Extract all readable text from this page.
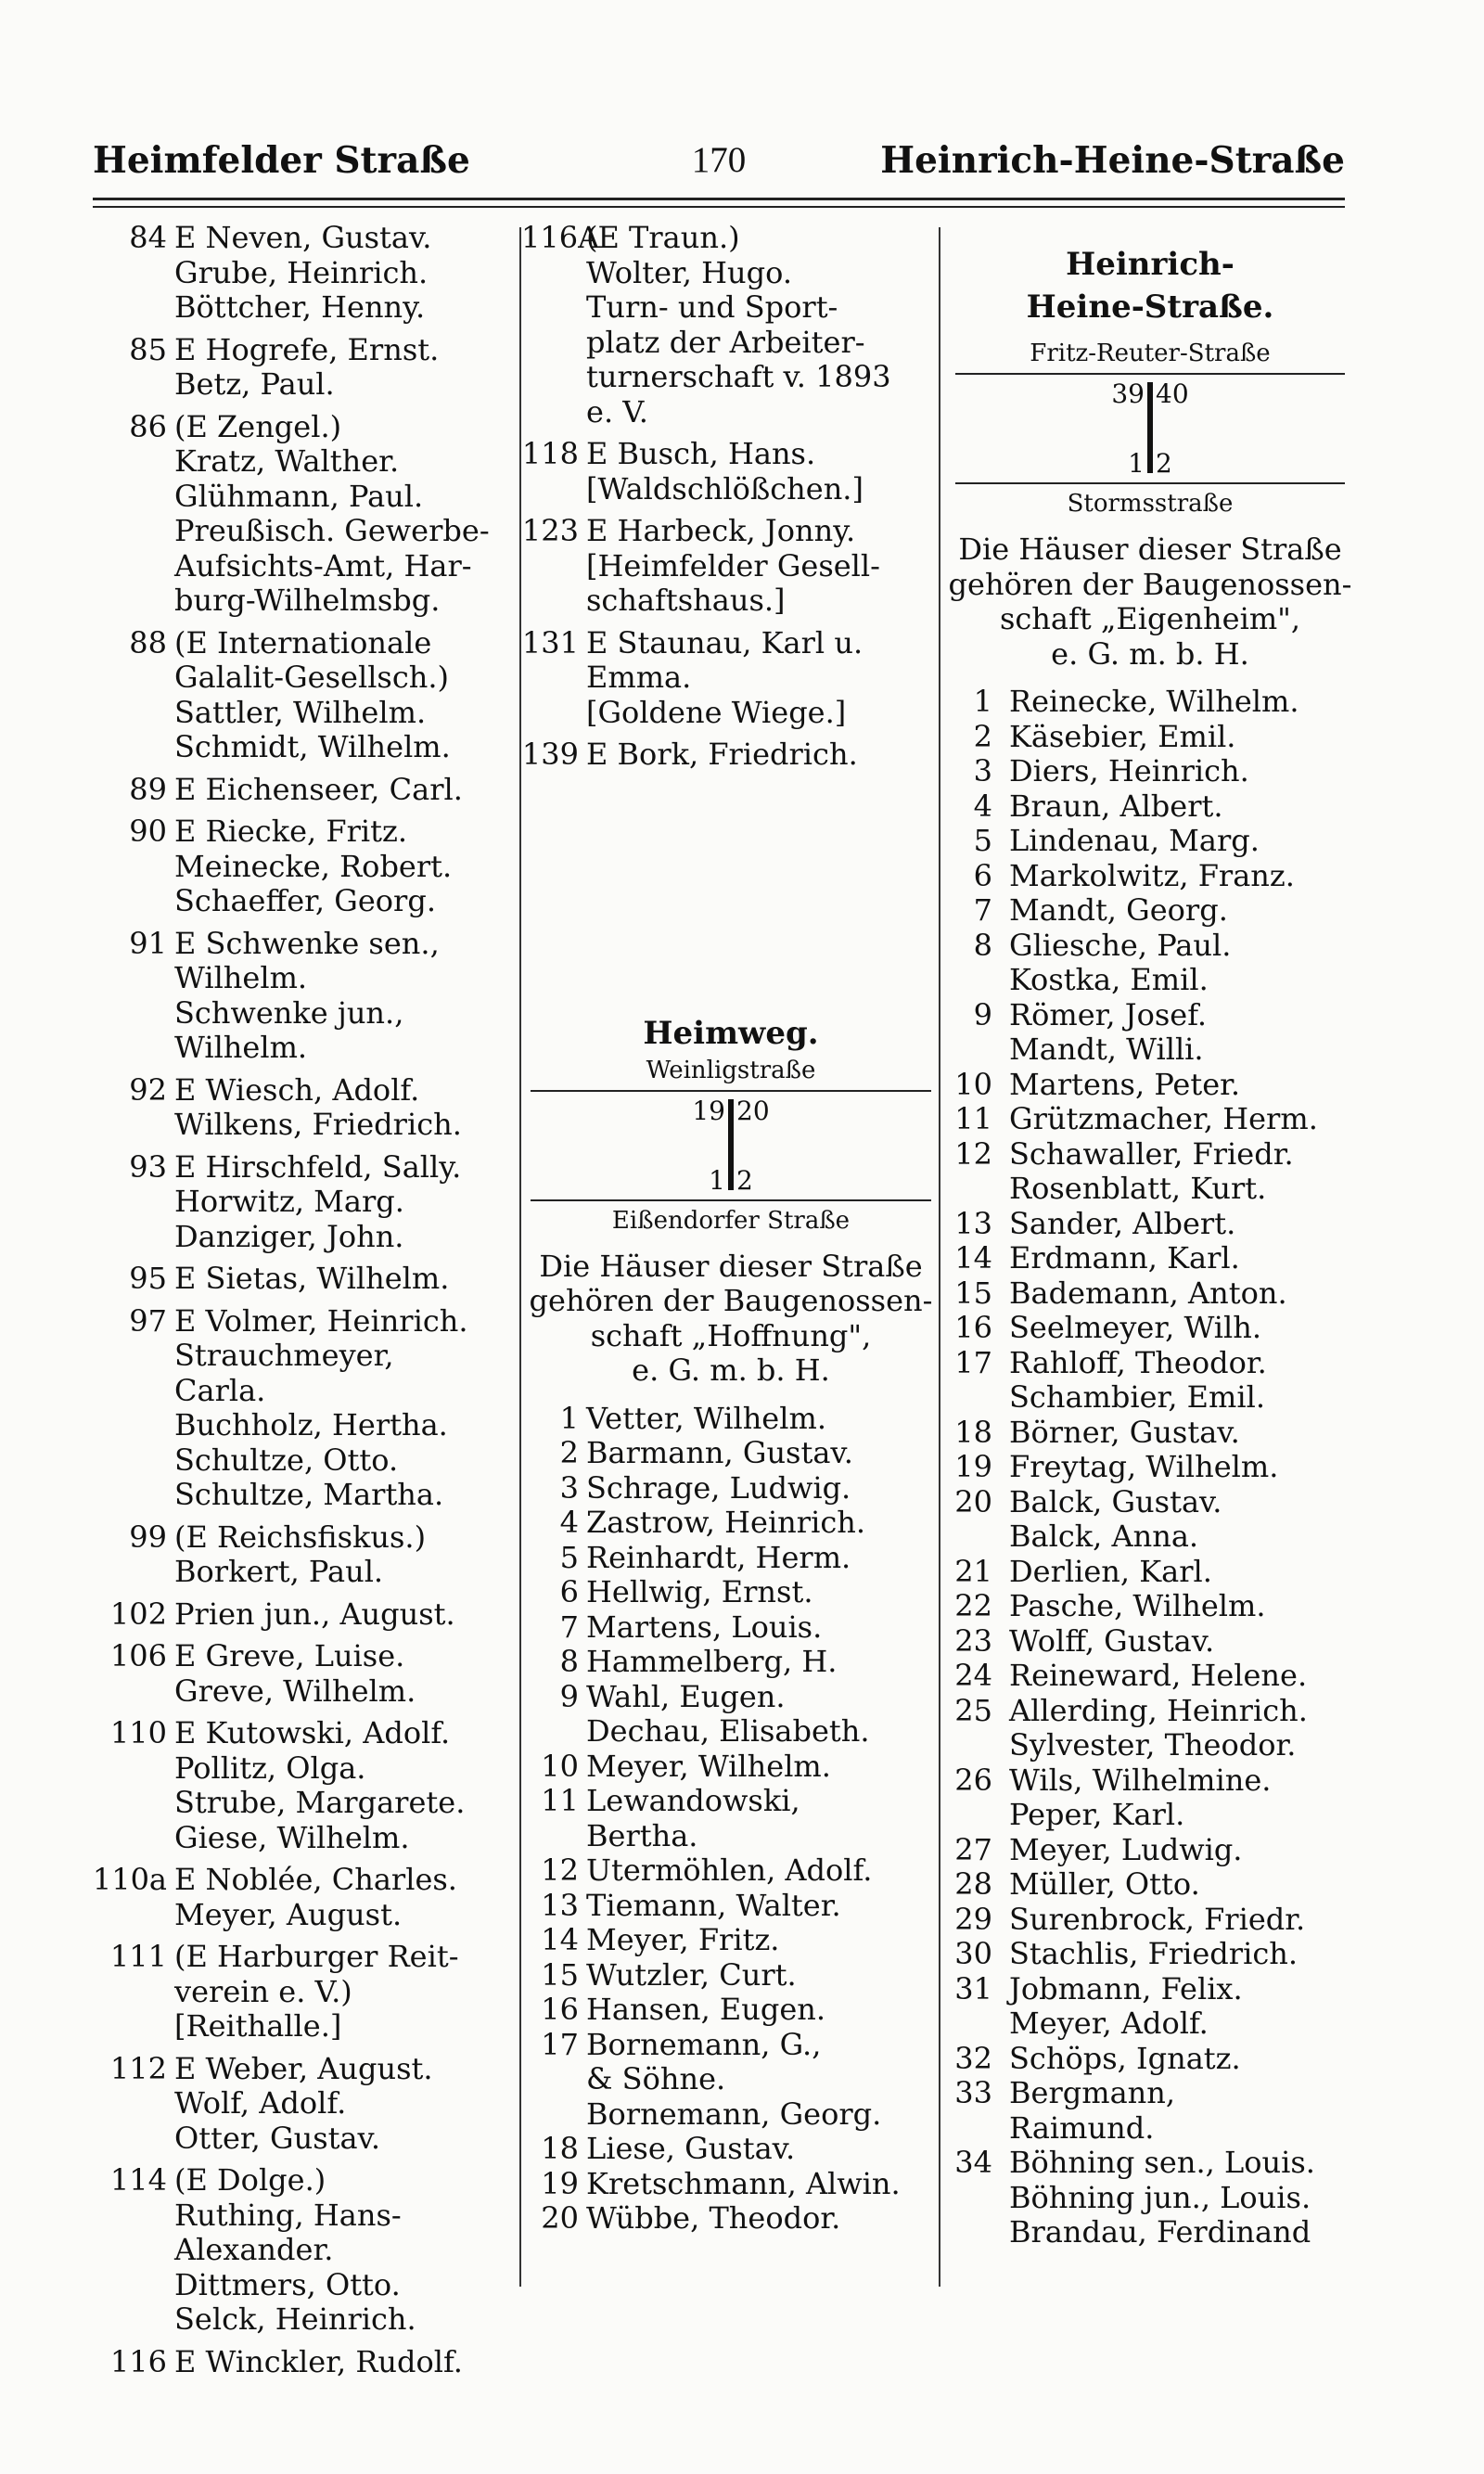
170
Heimfelder Straße	Heinrich-Heine-Straße
84 E Neven, Gustav.
Grube, Heinrich.
Böttcher, Henny.
85 E Hogrefe, Ernst.
Betz, Paul.
86 (E Zengel.)
Kratz, Walther.
Glühmann, Paul.
Preußisch. Gewerbe-
Aufsichts-Amt, Har-
burg-Wilhelmsbg.
88 (E Internationale
Galalit-Gesellsch.)
Sattler, Wilhelm.
Schmidt, Wilhelm.
89 E Eichenseer, Carl.
90 E Riecke, Fritz.
Meinecke, Robert.
Schaeffer, Georg.
91 E Schwenke sen.,
Wilhelm.
Schwenke jun.,
Wilhelm.
92 E Wiesch, Adolf.
Wilkens, Friedrich.
93 E Hirschfeld, Sally.
Horwitz, Marg.
Danziger, John.
95 E Sietas, Wilhelm.
97 E Volmer, Heinrich.
Strauchmeyer,
Carla.
Buchholz, Hertha.
Schultze, Otto.
Schultze, Martha.
99 (E Reichsfiskus.)
Borkert, Paul.
102 Prien jun., August.
106 E Greve, Luise.
Greve, Wilhelm.
110 E Kutowski, Adolf.
Pollitz, Olga.
Strube, Margarete.
Giese, Wilhelm.
110a E Noblée, Charles.
Meyer, August.
111 (E Harburger Reit-
verein e. V.)
[Reithalle.]
112 E Weber, August.
Wolf, Adolf.
Otter, Gustav.
114 (E Dolge.)
Ruthing, Hans-
Alexander.
Dittmers, Otto.
Selck, Heinrich.
116 E Winckler, Rudolf.
116A
(E Traun.)
Wolter, Hugo.
Turn- und Sport-
platz der Arbeiter-
turnerschaft v. 1893
e. V.
118 E Busch, Hans.
[Waldschlößchen.]
123 E Harbeck, Jonny.
[Heimfelder Gesell-
schaftshaus.]
131 E Staunau, Karl u.
Emma.
[Goldene Wiege.]
139 E Bork, Friedrich.
Heimweg.
Weinligstraße
19 20
1 2
Eißendorfer Straße
Die Häuser dieser Straße
gehören der Baugenossen-
schaft „Hoffnung",
e. G. m. b. H.
1 Vetter, Wilhelm.
2 Barmann, Gustav.
3 Schrage, Ludwig.
4 Zastrow, Heinrich.
5 Reinhardt, Herm.
6 Hellwig, Ernst.
7 Martens, Louis.
8 Hammelberg, H.
9 Wahl, Eugen.
Dechau, Elisabeth.
10 Meyer, Wilhelm.
11 Lewandowski,
Bertha.
12 Utermöhlen, Adolf.
13 Tiemann, Walter.
14 Meyer, Fritz.
15 Wutzler, Curt.
16 Hansen, Eugen.
17 Bornemann, G.,
& Söhne.
Bornemann, Georg.
18 Liese, Gustav.
19 Kretschmann, Alwin.
20 Wübbe, Theodor.
Heinrich-
Heine-Straße.
Fritz-Reuter-Straße
39 40
1 2
Stormsstraße
Die Häuser dieser Straße
gehören der Baugenossen-
schaft „Eigenheim",
e. G. m. b. H.
1 Reinecke, Wilhelm.
2 Käsebier, Emil.
3 Diers, Heinrich.
4 Braun, Albert.
5 Lindenau, Marg.
6 Markolwitz, Franz.
7 Mandt, Georg.
8 Gliesche, Paul.
Kostka, Emil.
9 Römer, Josef.
Mandt, Willi.
10 Martens, Peter.
11 Grützmacher, Herm.
12 Schawaller, Friedr.
Rosenblatt, Kurt.
13 Sander, Albert.
14 Erdmann, Karl.
15 Bademann, Anton.
16 Seelmeyer, Wilh.
17 Rahloff, Theodor.
Schambier, Emil.
18 Börner, Gustav.
19 Freytag, Wilhelm.
20 Balck, Gustav.
Balck, Anna.
21 Derlien, Karl.
22 Pasche, Wilhelm.
23 Wolff, Gustav.
24 Reineward, Helene.
25 Allerding, Heinrich.
Sylvester, Theodor.
26 Wils, Wilhelmine.
Peper, Karl.
27 Meyer, Ludwig.
28 Müller, Otto.
29 Surenbrock, Friedr.
30 Stachlis, Friedrich.
31 Jobmann, Felix.
Meyer, Adolf.
32 Schöps, Ignatz.
33 Bergmann,
Raimund.
34 Böhning sen., Louis.
Böhning jun., Louis.
Brandau, Ferdinand
